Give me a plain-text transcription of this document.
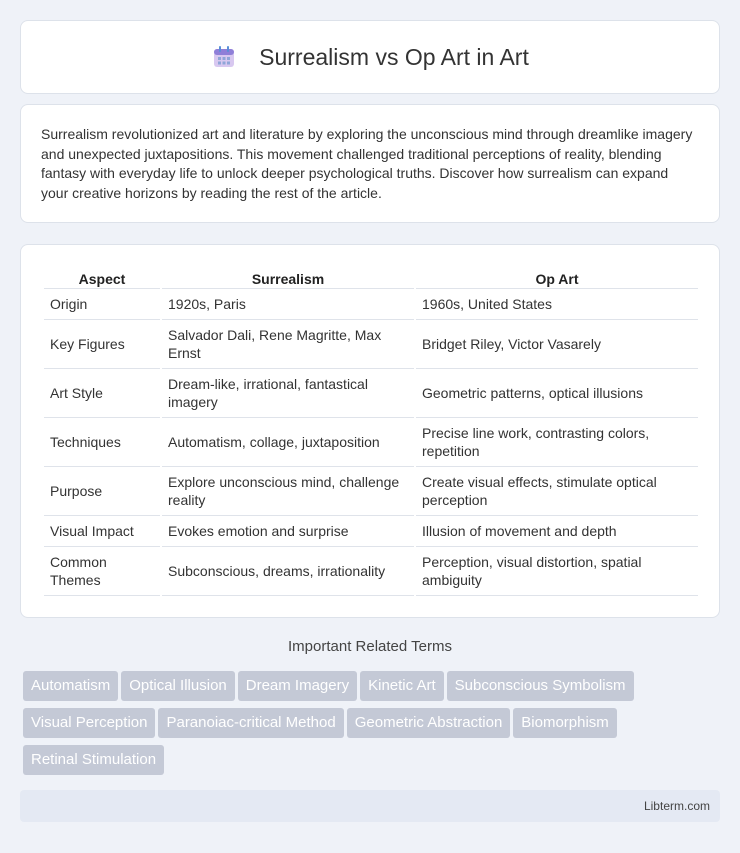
Surrealism vs Op Art in Art

Surrealism revolutionized art and literature by exploring the unconscious mind through dreamlike imagery and unexpected juxtapositions. This movement challenged traditional perceptions of reality, blending fantasy with everyday life to unlock deeper psychological truths. Discover how surrealism can expand your creative horizons by reading the rest of the article.

Aspect	Surrealism	Op Art
Origin	1920s, Paris	1960s, United States
Key Figures	Salvador Dali, Rene Magritte, Max Ernst	Bridget Riley, Victor Vasarely
Art Style	Dream-like, irrational, fantastical imagery	Geometric patterns, optical illusions
Techniques	Automatism, collage, juxtaposition	Precise line work, contrasting colors, repetition
Purpose	Explore unconscious mind, challenge reality	Create visual effects, stimulate optical perception
Visual Impact	Evokes emotion and surprise	Illusion of movement and depth
Common Themes	Subconscious, dreams, irrationality	Perception, visual distortion, spatial ambiguity
Important Related Terms
Automatism Optical Illusion Dream Imagery Kinetic Art Subconscious SymbolismVisual Perception Paranoiac-critical Method Geometric Abstraction BiomorphismRetinal Stimulation
Libterm.com
